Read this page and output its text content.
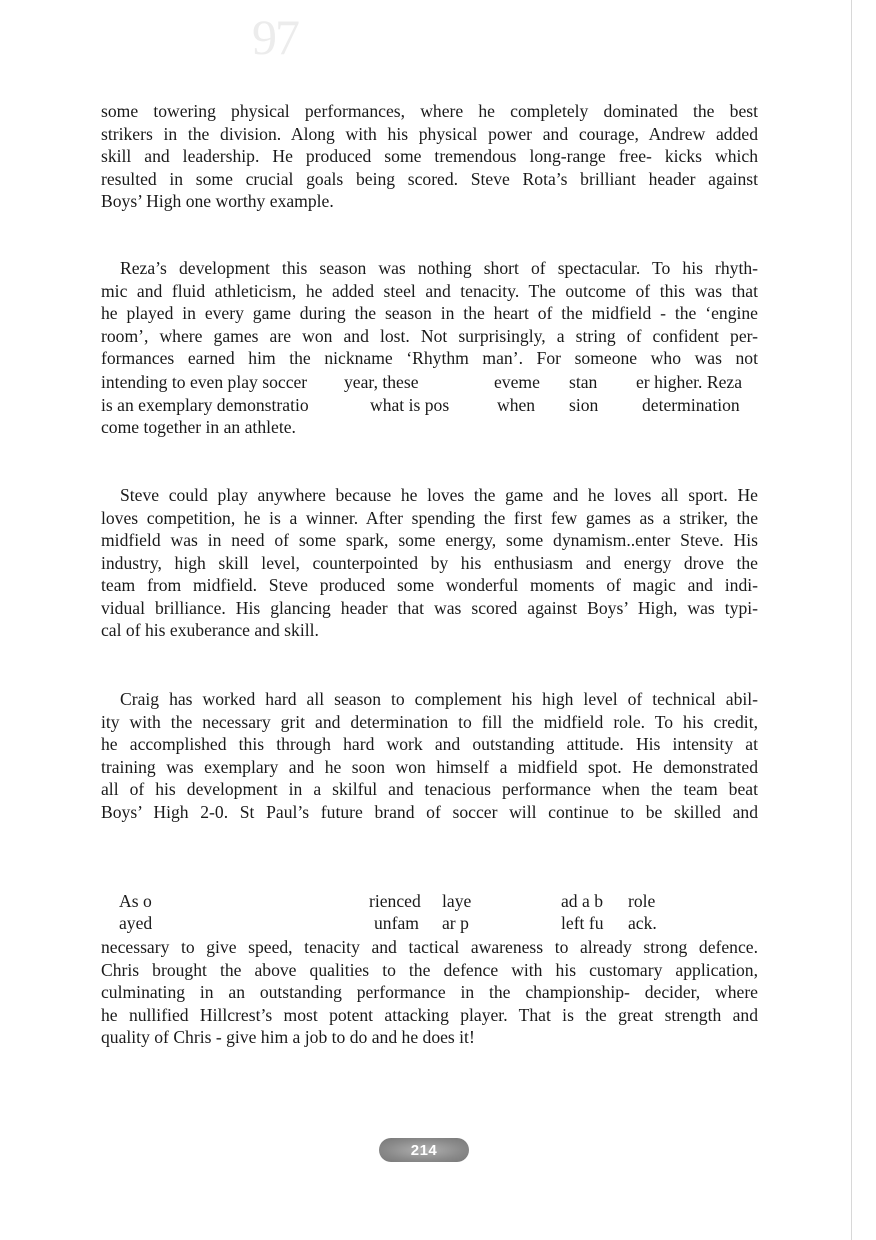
97
some towering physical performances, where he completely dominated the best
strikers in the division. Along with his physical power and courage, Andrew added
skill and leadership. He produced some tremendous long-range free- kicks which
resulted in some crucial goals being scored. Steve Rota’s brilliant header against
Boys’ High one worthy example.
Reza’s development this season was nothing short of spectacular. To his rhyth-
mic and fluid athleticism, he added steel and tenacity. The outcome of this was that
he played in every game during the season in the heart of the midfield - the ‘engine
room’, where games are won and lost. Not surprisingly, a string of confident per-
formances earned him the nickname ‘Rhythm man’. For someone who was not
intending to even play soccer year, these	eveme stan er higher. Reza
is an exemplary demonstratio	what is pos	when sion determination
come together in an athlete.
Steve could play anywhere because he loves the game and he loves all sport. He
loves competition, he is a winner. After spending the first few games as a striker, the
midfield was in need of some spark, some energy, some dynamism..enter Steve. His
industry, high skill level, counterpointed by his enthusiasm and energy drove the
team from midfield. Steve produced some wonderful moments of magic and indi-
vidual brilliance. His glancing header that was scored against Boys’ High, was typi-
cal of his exuberance and skill.
Craig has worked hard all season to complement his high level of technical abil-
ity with the necessary grit and determination to fill the midfield role. To his credit,
he accomplished this through hard work and outstanding attitude. His intensity at
training was exemplary and he soon won himself a midfield spot. He demonstrated
all of his development in a skilful and tenacious performance when the team beat
Boys’ High 2-0. St Paul’s future brand of soccer will continue to be skilled and
As o	rienced laye	ad a b role
ayed	unfam ar p	left fu ack.
necessary to give speed, tenacity and tactical awareness to already strong defence.
Chris brought the above qualities to the defence with his customary application,
culminating in an outstanding performance in the championship- decider, where
he nullified Hillcrest’s most potent attacking player. That is the great strength and
quality of Chris - give him a job to do and he does it!
214
